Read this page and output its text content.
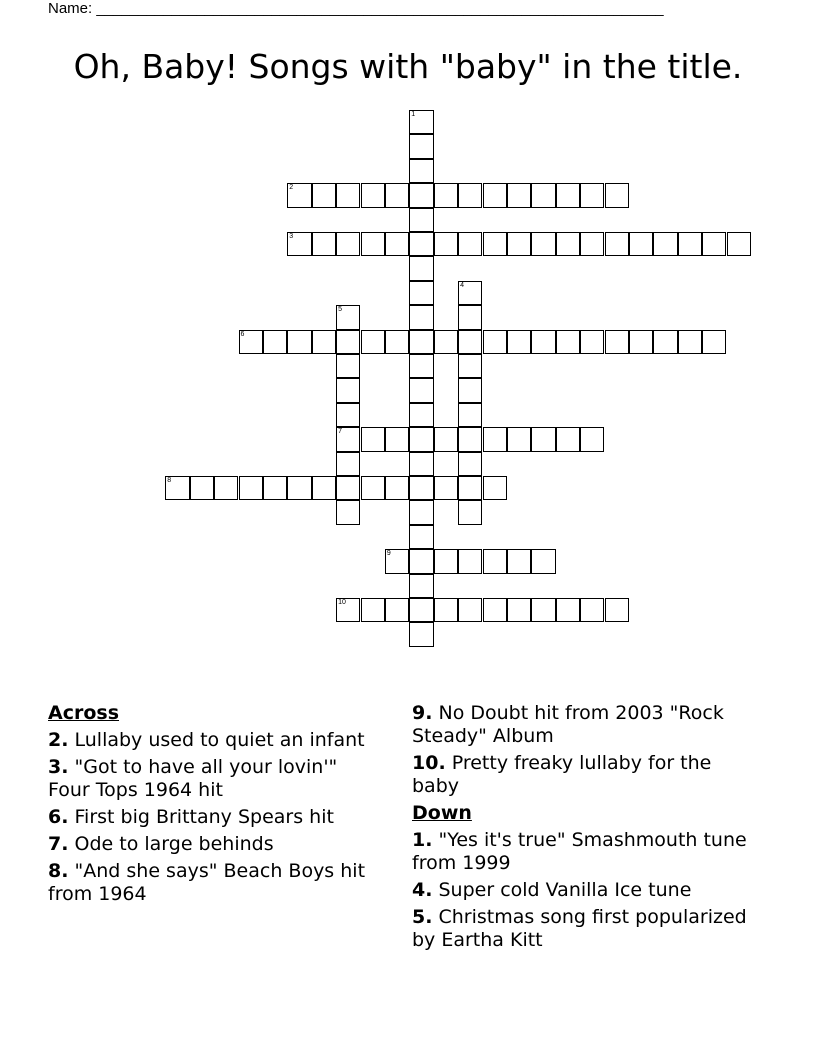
Name: ____________________________________________________________________
Oh, Baby! Songs with "baby" in the title.
1
2
3
4
5
7
6
8
9
10
Across
2. Lullaby used to quiet an infant
3. "Got to have all your lovin'" Four Tops 1964 hit
6. First big Brittany Spears hit
7. Ode to large behinds
8. "And she says" Beach Boys hit from 1964
9. No Doubt hit from 2003 "Rock Steady" Album
10. Pretty freaky lullaby for the baby
Down
1. "Yes it's true" Smashmouth tune from 1999
4. Super cold Vanilla Ice tune
5. Christmas song first popularized by Eartha Kitt
